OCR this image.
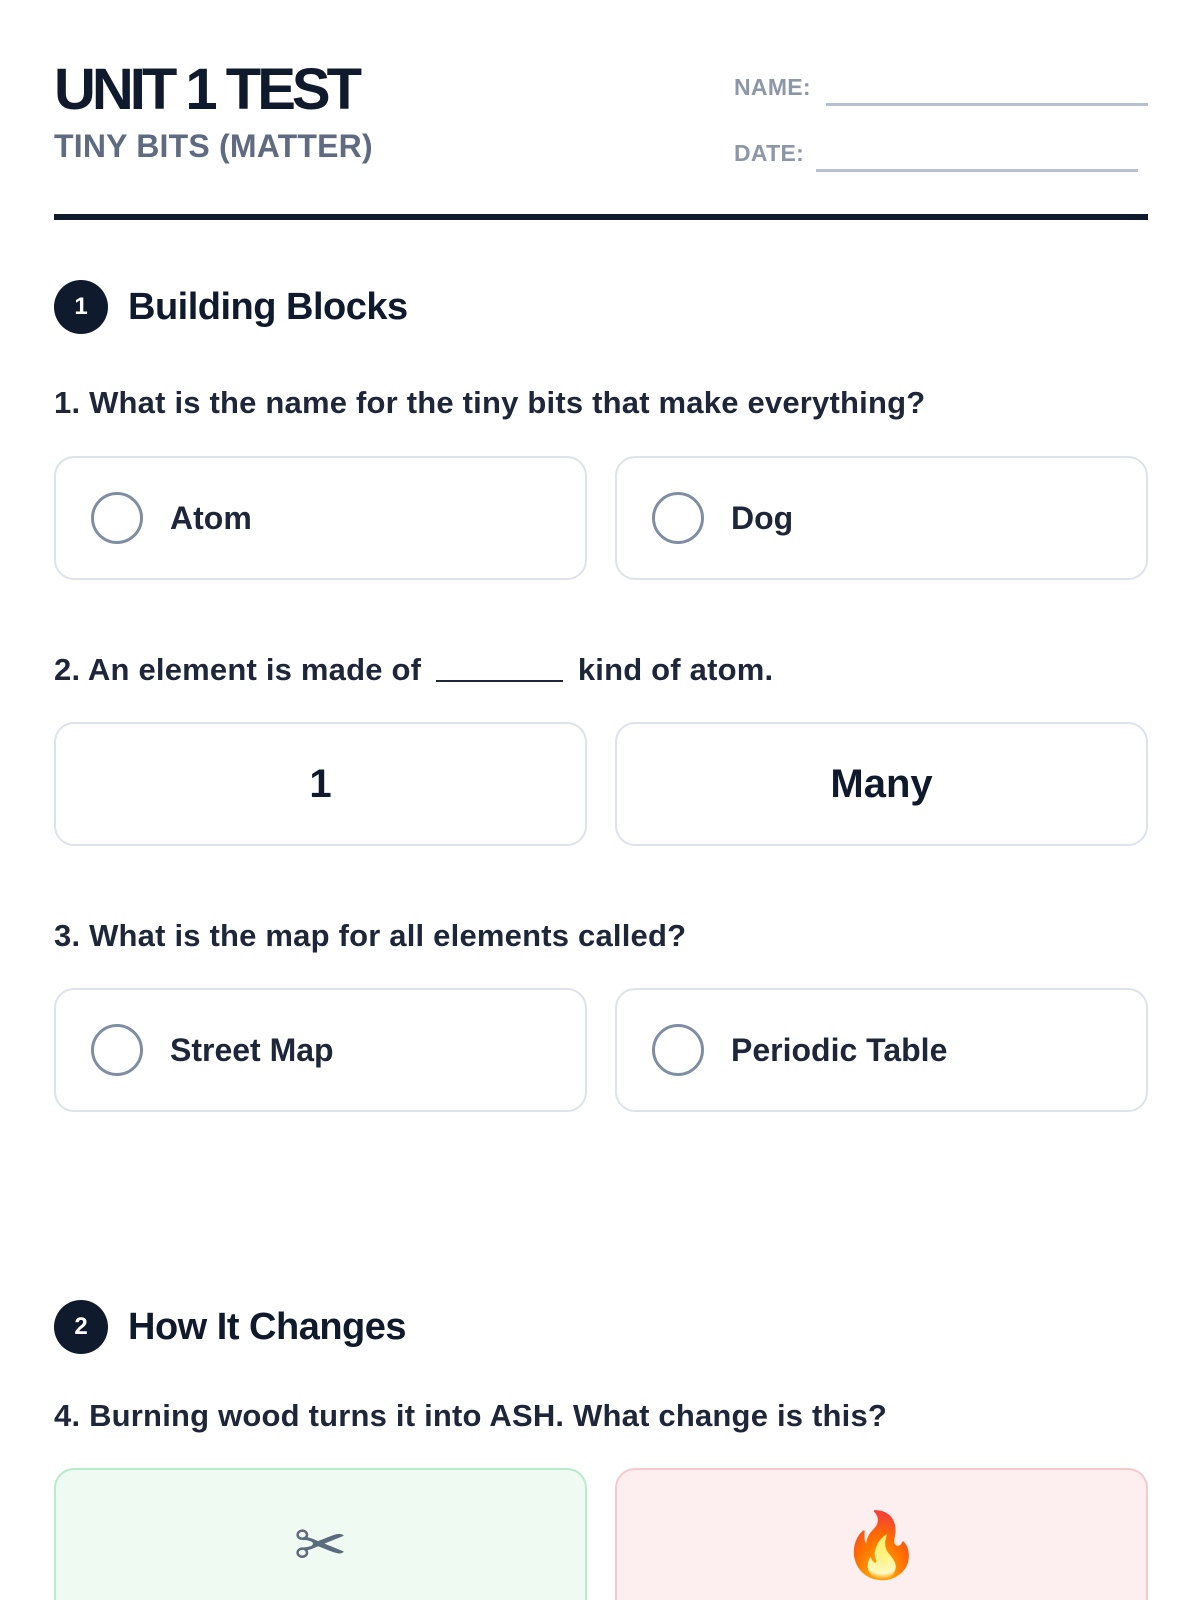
UNIT 1 TEST
TINY BITS (MATTER)
NAME:
DATE:
1	Building Blocks
1. What is the name for the tiny bits that make everything?
Atom	Dog
2. An element is made of	kind of atom.
1	Many
3. What is the map for all elements called?
Street Map	Periodic Table
2	How It Changes
4. Burning wood turns it into ASH. What change is this?
✂	🔥
